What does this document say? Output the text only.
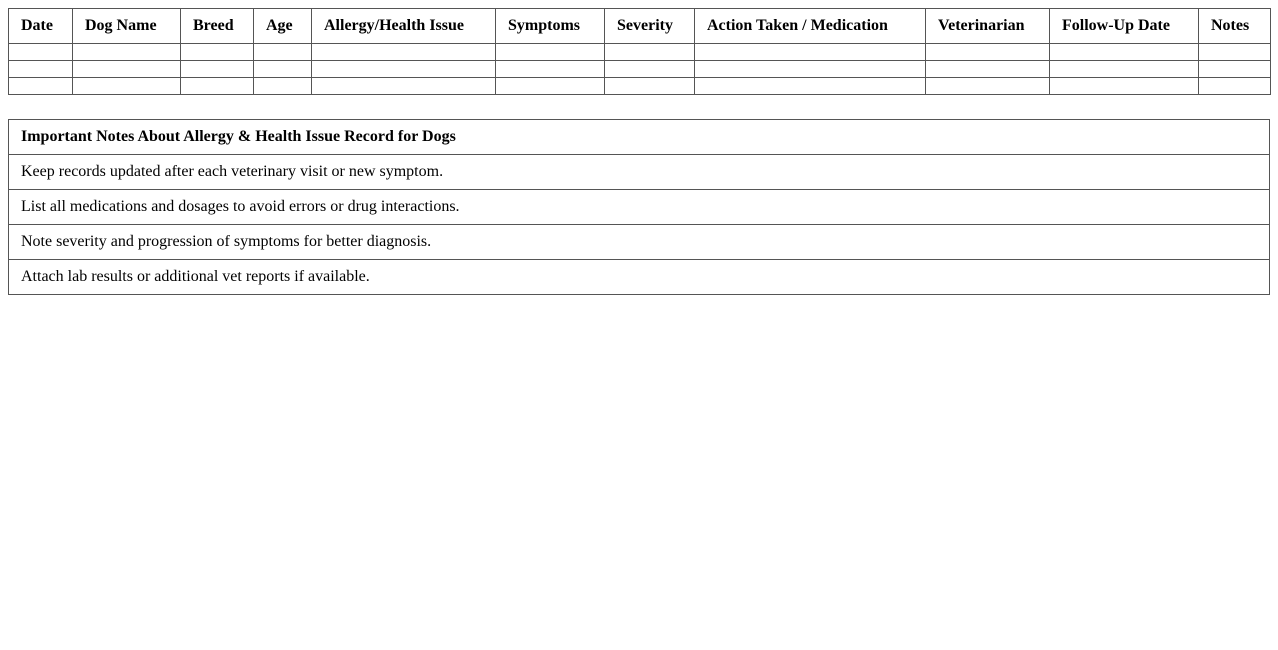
Date	Dog Name	Breed	Age	Allergy/Health Issue	Symptoms	Severity	Action Taken / Medication	Veterinarian	Follow-Up Date	Notes

Important Notes About Allergy & Health Issue Record for Dogs
Keep records updated after each veterinary visit or new symptom.
List all medications and dosages to avoid errors or drug interactions.
Note severity and progression of symptoms for better diagnosis.
Attach lab results or additional vet reports if available.
